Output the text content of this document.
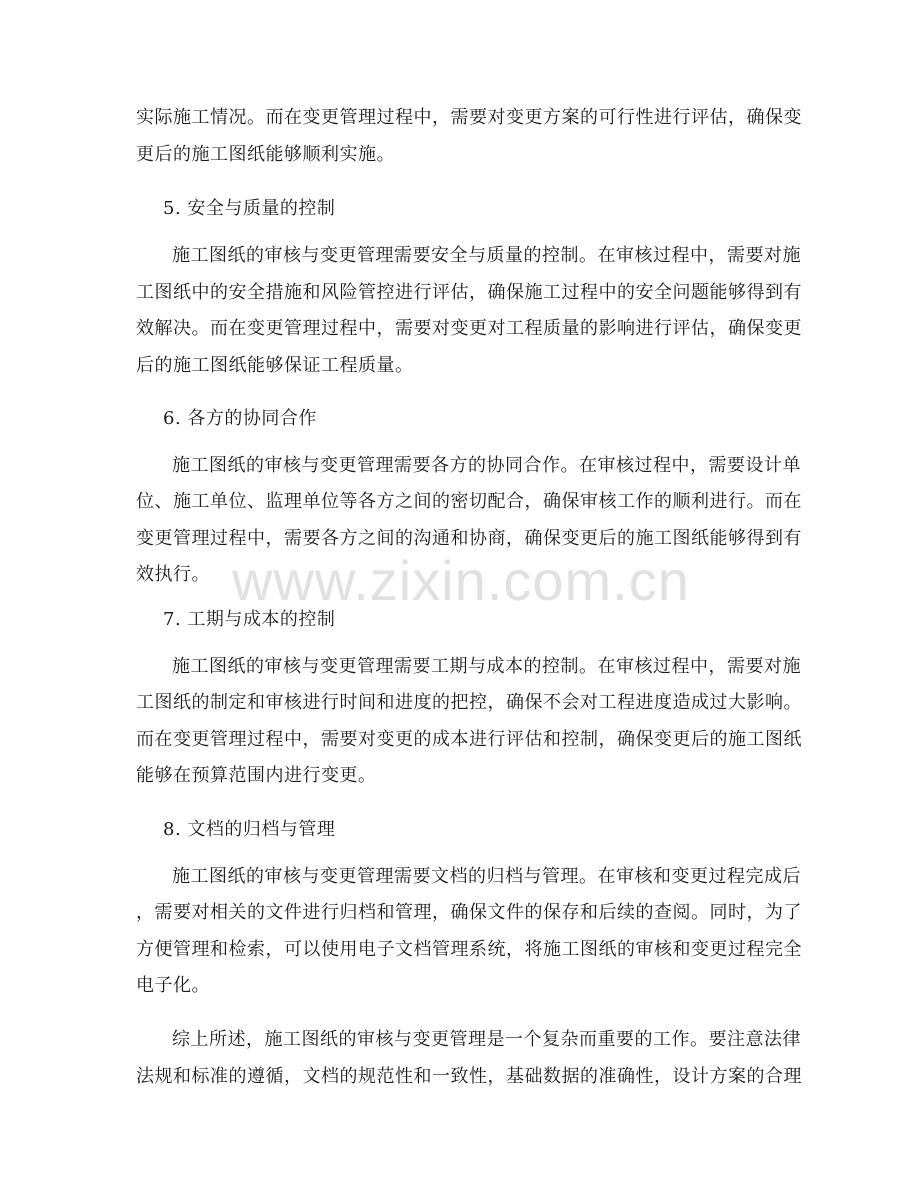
实际施工情况。而在变更管理过程中，需要对变更方案的可行性进行评估，确保变
更后的施工图纸能够顺利实施。
5. 安全与质量的控制
施工图纸的审核与变更管理需要安全与质量的控制。在审核过程中，需要对施
工图纸中的安全措施和风险管控进行评估，确保施工过程中的安全问题能够得到有
效解决。而在变更管理过程中，需要对变更对工程质量的影响进行评估，确保变更
后的施工图纸能够保证工程质量。
6. 各方的协同合作
施工图纸的审核与变更管理需要各方的协同合作。在审核过程中，需要设计单
位、施工单位、监理单位等各方之间的密切配合，确保审核工作的顺利进行。而在
变更管理过程中，需要各方之间的沟通和协商，确保变更后的施工图纸能够得到有
效执行。
7. 工期与成本的控制
施工图纸的审核与变更管理需要工期与成本的控制。在审核过程中，需要对施
工图纸的制定和审核进行时间和进度的把控，确保不会对工程进度造成过大影响。
而在变更管理过程中，需要对变更的成本进行评估和控制，确保变更后的施工图纸
能够在预算范围内进行变更。
8. 文档的归档与管理
施工图纸的审核与变更管理需要文档的归档与管理。在审核和变更过程完成后
，需要对相关的文件进行归档和管理，确保文件的保存和后续的查阅。同时，为了
方便管理和检索，可以使用电子文档管理系统，将施工图纸的审核和变更过程完全
电子化。
综上所述，施工图纸的审核与变更管理是一个复杂而重要的工作。要注意法律
法规和标准的遵循，文档的规范性和一致性，基础数据的准确性，设计方案的合理
www.zixin.com.cn
